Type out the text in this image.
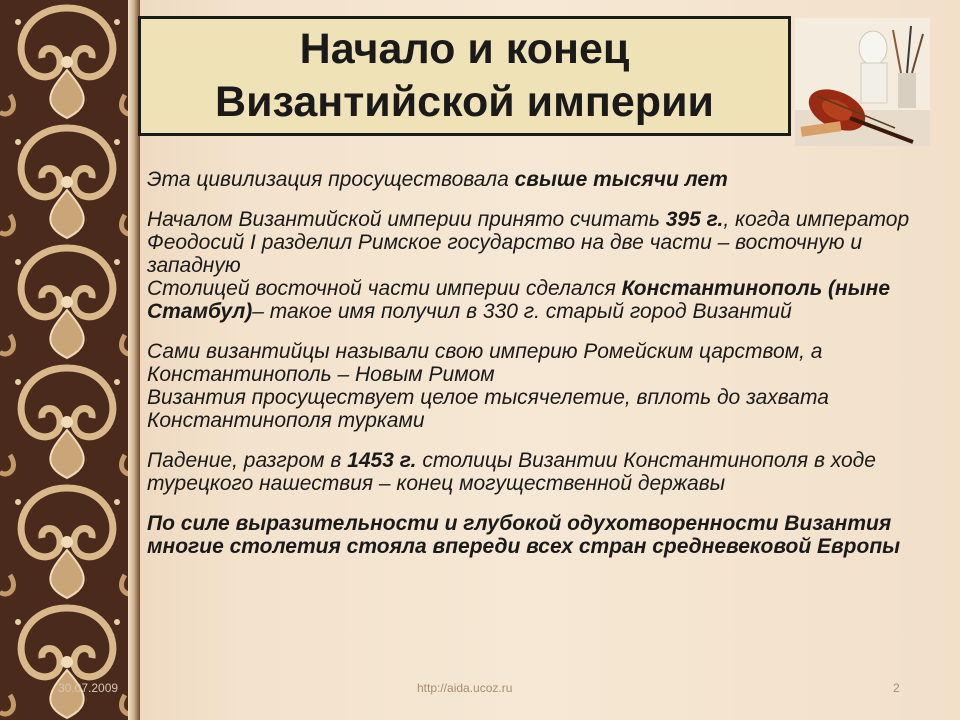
Начало и конец
Византийской империи

Эта цивилизация просуществовала свыше тысячи лет

Началом Византийской империи принято считать 395 г., когда император Феодосий I разделил Римское государство на две части – восточную и западную

Столицей восточной части империи сделался Константинополь (ныне Стамбул)– такое имя получил в 330 г. старый город Византий

Сами византийцы называли свою империю Ромейским царством, а Константинополь – Новым Римом

Византия просуществует целое тысячелетие, вплоть до захвата Константинополя турками

Падение, разгром в 1453 г. столицы Византии Константинополя в ходе турецкого нашествия – конец могущественной державы

По силе выразительности и глубокой одухотворенности Византия многие столетия стояла впереди всех стран средневековой Европы

30.07.2009	http://aida.ucoz.ru	2
